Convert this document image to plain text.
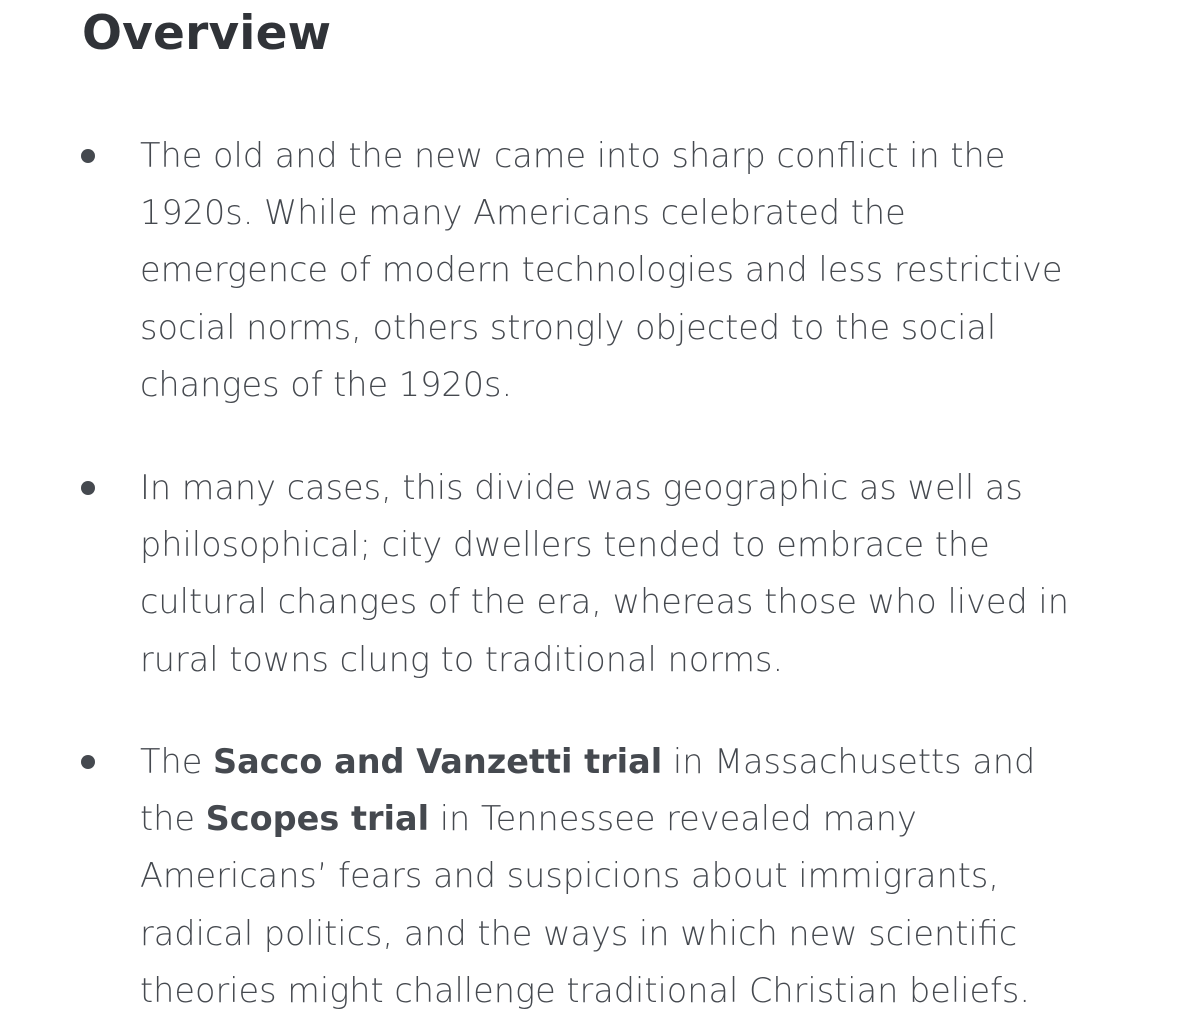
Overview
The old and the new came into sharp conflict in the 1920s. While many Americans celebrated the emergence of modern technologies and less restrictive social norms, others strongly objected to the social changes of the 1920s.
In many cases, this divide was geographic as well as philosophical; city dwellers tended to embrace the cultural changes of the era, whereas those who lived in rural towns clung to traditional norms.
The Sacco and Vanzetti trial in Massachusetts and the Scopes trial in Tennessee revealed many Americans’ fears and suspicions about immigrants, radical politics, and the ways in which new scientific theories might challenge traditional Christian beliefs.
